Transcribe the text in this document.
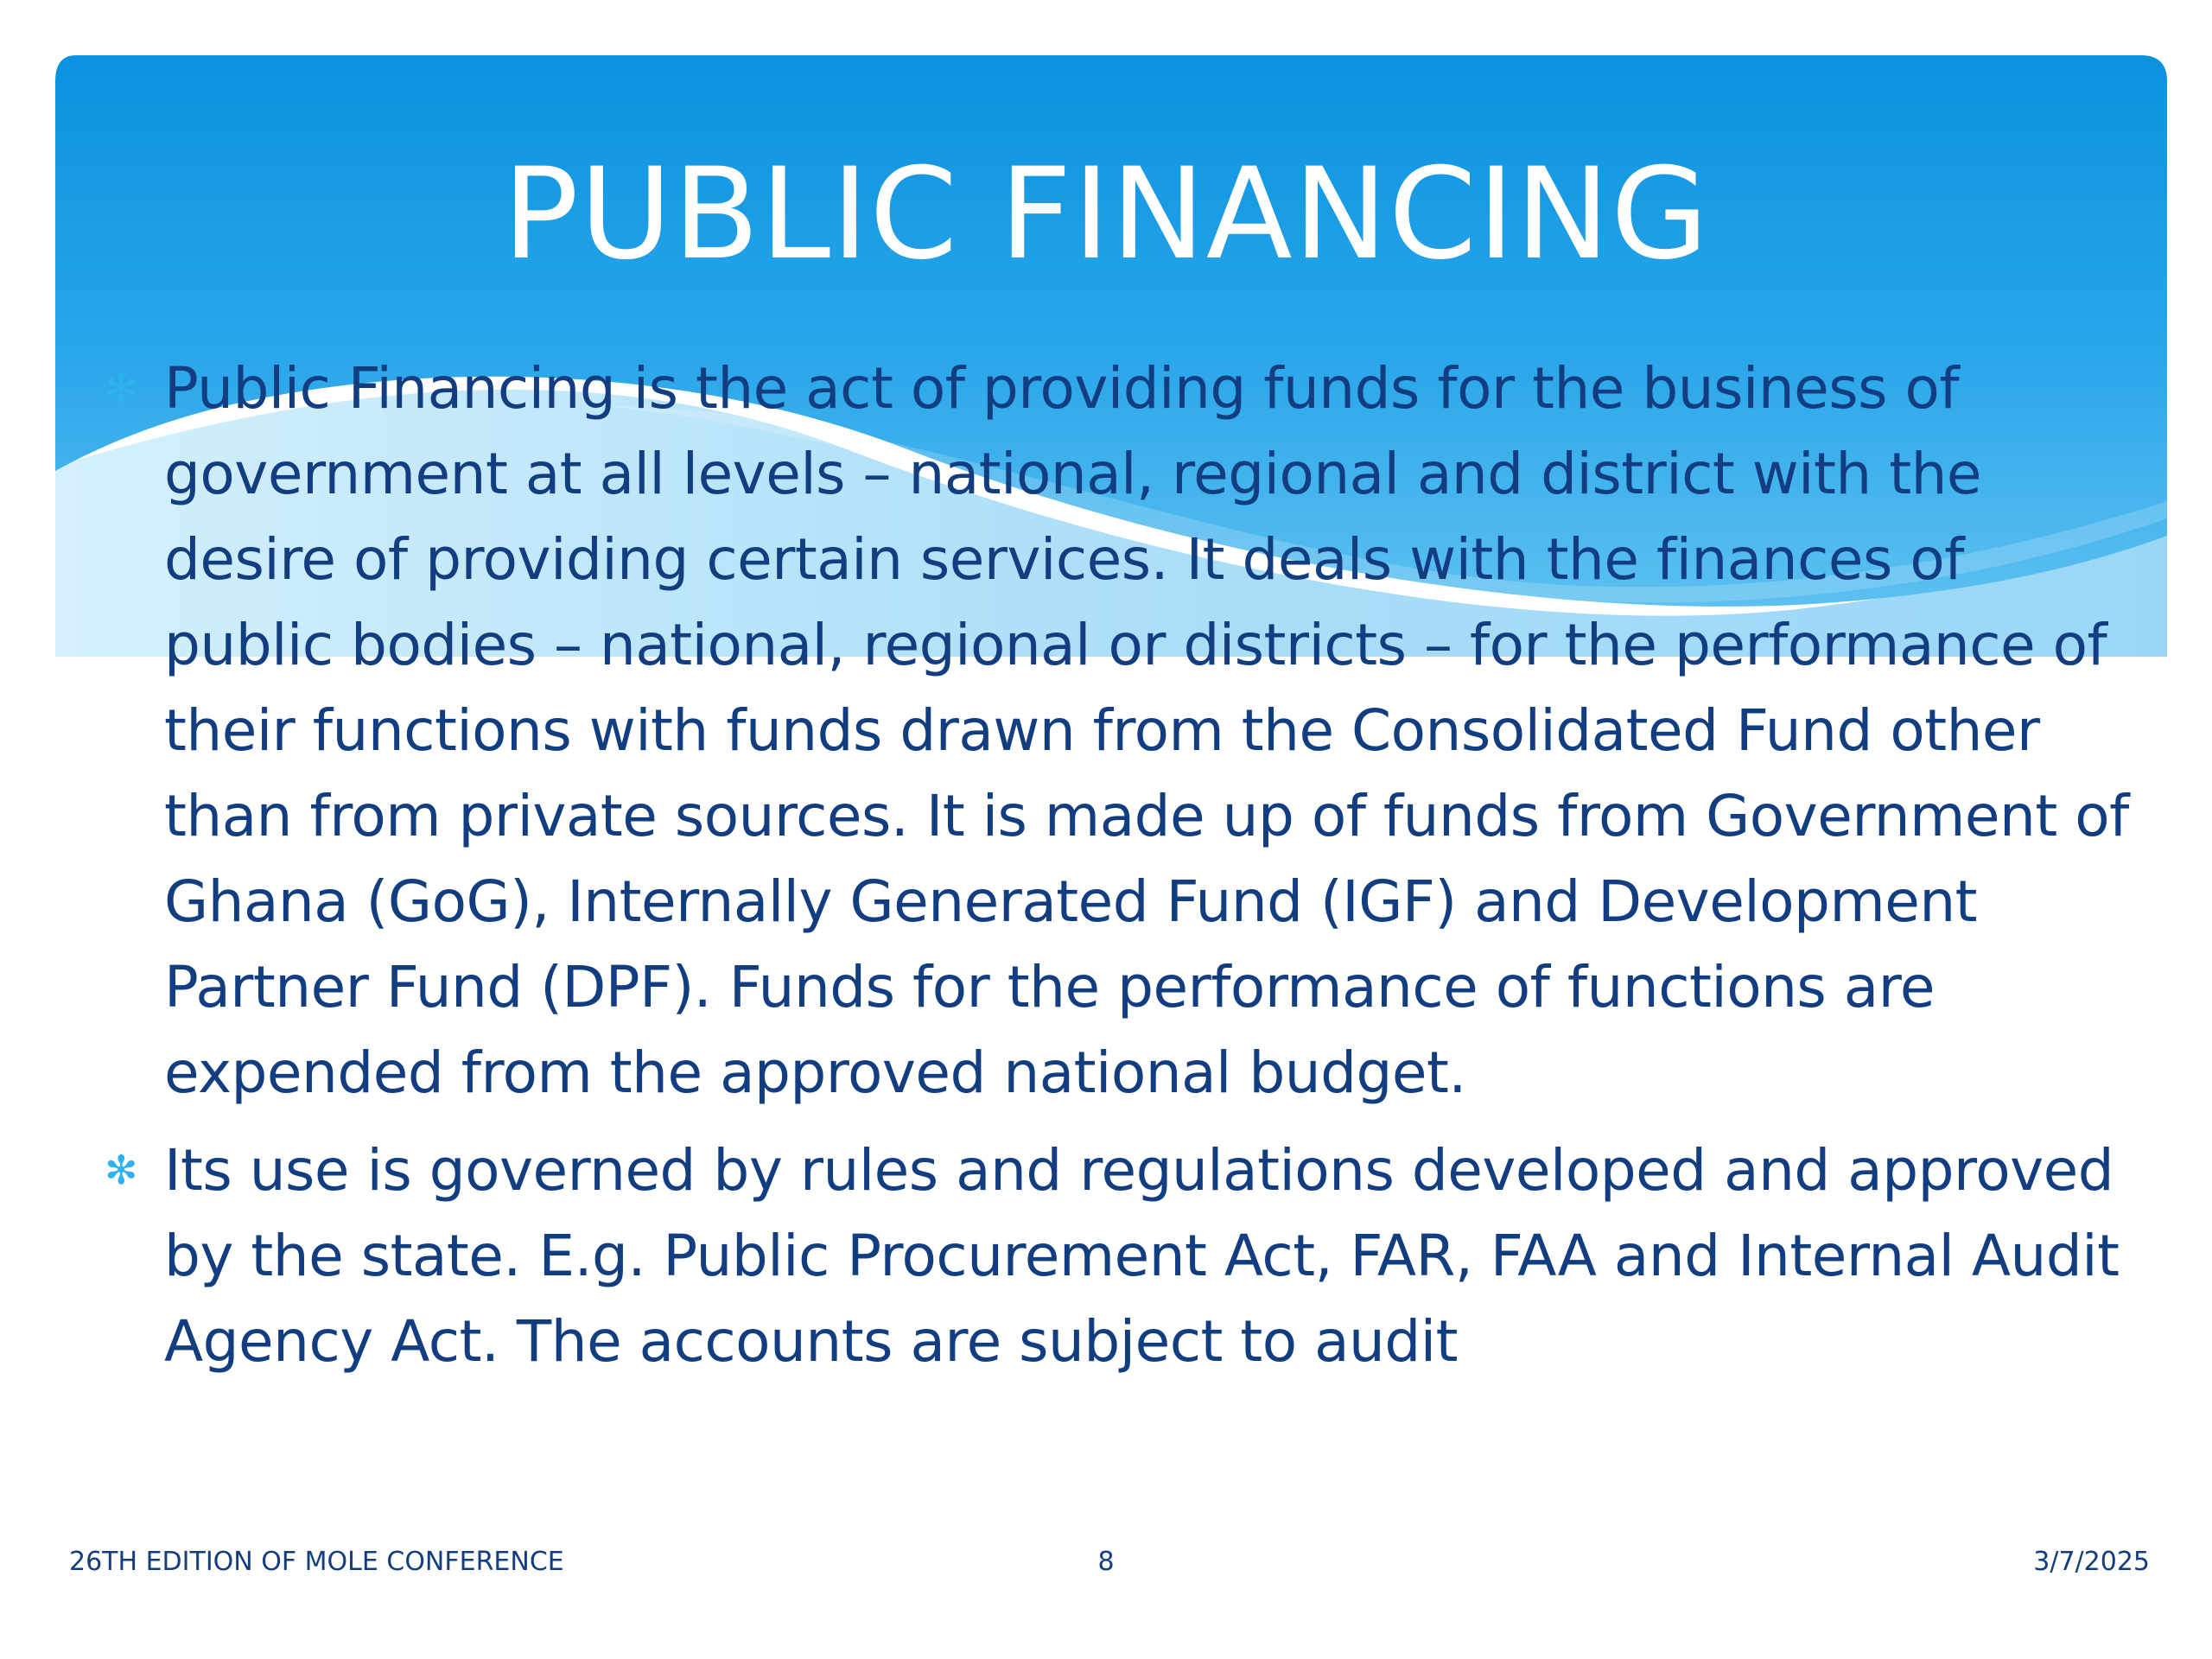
PUBLIC FINANCING
✻ Public Financing is the act of providing funds for the business of government at all levels – national, regional and district with the desire of providing certain services. It deals with the finances of public bodies – national, regional or districts – for the performance of their functions with funds drawn from the Consolidated Fund other than from private sources. It is made up of funds from Government of Ghana (GoG), Internally Generated Fund (IGF) and Development Partner Fund (DPF). Funds for the performance of functions are expended from the approved national budget.
✻ Its use is governed by rules and regulations developed and approved by the state. E.g. Public Procurement Act, FAR, FAA and Internal Audit Agency Act. The accounts are subject to audit
26TH EDITION OF MOLE CONFERENCE	8	3/7/2025
